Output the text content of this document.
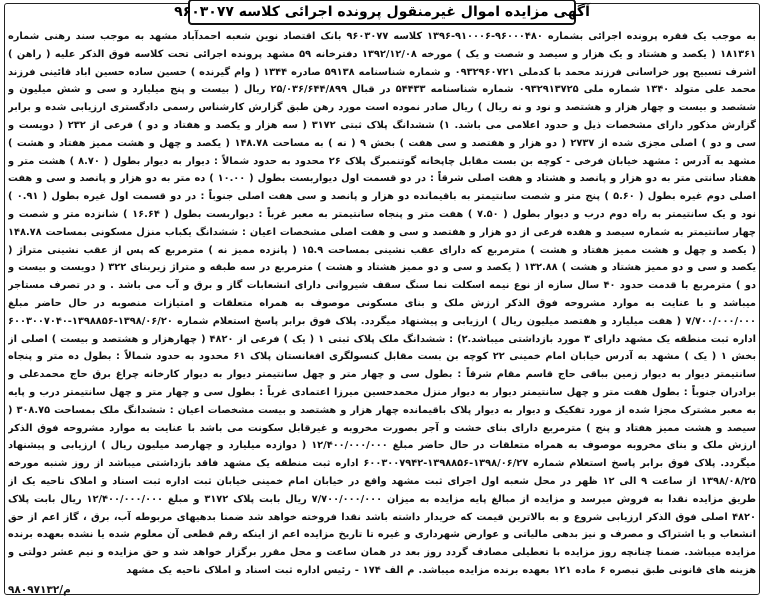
آگهی مزایده اموال غیرمنقول پرونده اجرائی کلاسه ۹۶۰۳۰۷۷
به موجب یک فقره پرونده اجرائی بشماره ۹۶۰۰۰۴۸۰-۹۱۰۰۰۶-۱۳۹۶ کلاسه ۹۶۰۳۰۷۷ بانک اقتصاد نوین شعبه احمدآباد مشهد به موجب سند رهنی شماره ۱۸۱۳۶۱ ( یکصد و هشتاد و یک هزار و سیصد و شصت و یک ) مورخه ۱۳۹۲/۱۲/۰۸ دفترخانه ۵۹ مشهد پرونده اجرائی تحت کلاسه فوق الذکر علیه ( راهن ) اشرف تسبیح پور خراسانی فرزند محمد با کدملی ۰۹۳۲۹۶۰۷۲۱ و شماره شناسنامه ۵۹۱۳۸ صادره ۱۳۴۴ ( وام گیرنده ) حسین ساده حسین اباد قائینی فرزند محمد علی متولد ۱۳۴۰ شماره ملی ۰۹۳۲۹۱۳۷۲۵ شماره شناسنامه ۵۴۴۳۳ در قبال ۲۵/۰۳۶/۶۴۴/۸۹۹ ریال ( بیست و پنج میلیارد و سی و شش میلیون و ششصد و بیست و چهار هزار و هشتصد و نود و نه ریال ) ریال صادر نموده است مورد رهن طبق گزارش کارشناس رسمی دادگستری ارزیابی شده و برابر گزارش مذکور دارای مشخصات ذیل و حدود اعلامی می باشد. ۱) ششدانگ پلاک ثبتی ۳۱۷۲ ( سه هزار و یکصد و هفتاد و دو ) فرعی از ۲۳۲ ( دویست و سی و دو ) اصلی مجزی شده از ۲۷۳۷ ( دو هزار و هفتصد و سی هفت ) بخش ۹ ( نه ) به مساحت ۱۴۸.۷۸ ( یکصد و چهل و هشت ممیز هفتاد و هشت ) مشهد به آدرس : مشهد خیابان فرخی - کوچه بن بست مقابل چاپخانه گوتنمبرگ پلاک ۲۶ محدود به حدود شمالاً : دیوار به دیوار بطول ( ۸.۷۰ ) هشت متر و هفتاد سانتی متر به دو هزار و پانصد و هشتاد و هفت اصلی شرقاً : در دو قسمت اول دیواربست بطول ( ۱۰.۰۰ ) ده متر به دو هزار و پانصد و سی و هفت اصلی دوم غیره بطول ( ۵.۶۰ ) پنج متر و شصت سانتیمتر به باقیمانده دو هزار و پانصد و سی هفت اصلی جنوباً : در دو قسمت اول غیره بطول ( ۰.۹۱ ) نود و یک سانتیمتر به راه دوم درب و دیوار بطول ( ۷.۵۰ ) هفت متر و پنجاه سانتیمتر به معبر غرباً : دیواربست بطول ( ۱۶.۶۴ ) شانزده متر و شصت و چهار سانتیمتر به شماره سیصد و هفده فرعی از دو هزار و هفتصد و سی و هفت اصلی مشخصات اعیان : ششدانگ یکباب منزل مسکونی بمساحت ۱۴۸.۷۸ ( یکصد و چهل و هشت ممیز هفتاد و هشت ) مترمربع که دارای عقب نشینی بمساحت ۱۵.۹ ( پانزده ممیز نه ) مترمربع که پس از عقب نشینی متراژ ( یکصد و سی و دو ممیز هشتاد و هشت ) ۱۳۲.۸۸ ( یکصد و سی و دو ممیز هشتاد و هشت ) مترمربع در سه طبقه و متراژ زیربنای ۳۲۲ ( دویست و بیست و دو ) مترمربع با قدمت حدود ۴۰ سال سازه از نوع نیمه اسکلت نما سنگ سقف شیروانی دارای انشعابات گاز و برق و آب می باشد . و در تصرف مستاجر میباشد و با عنایت به موارد مشروحه فوق الذکر ارزش ملک و بنای مسکونی موصوف به همراه متعلقات و امتیازات منصوبه در حال حاضر مبلغ ۷/۷۰۰/۰۰۰/۰۰۰ ( هفت میلیارد و هفتصد میلیون ریال ) ارزیابی و پیشنهاد میگردد. پلاک فوق برابر پاسخ استعلام شماره ۱۳۹۸/۰۶/۲۰-۱۳۹۸۸۵۶-۶۰۰۳۰۰۷۰۴۰ اداره ثبت منطقه یک مشهد دارای ۳ مورد بازداشتی میباشد.۲) : ششدانگ ملک پلاک ثبتی ۱ ( یک ) فرعی از ۴۸۲۰ ( چهارهزار و هشتصد و بیست ) اصلی از بخش ۱ ( یک ) مشهد به آدرس خیابان امام خمینی ۲۲ کوچه بن بست مقابل کنسولگری افغانستان پلاک ۶۱ محدود به حدود شمالاً : بطول ده متر و پنجاه سانتیمتر دیوار به دیوار زمین بباقی حاج قاسم مقام شرقاً : بطول سی و چهار متر و چهل سانتیمتر دیوار به دیوار کارخانه چراغ برق حاج محمدعلی و برادران جنوباً : بطول هفت متر و چهل سانتیمتر دیوار به دیوار منزل محمدحسین میرزا اعتمادی غرباً : بطول سی و چهار متر و چهل سانتیمتر درب و پایه به معبر مشترک مجزا شده از مورد تفکیک و دیوار به دیوار پلاک باقیمانده چهار هزار و هشتصد و بیست مشخصات اعیان : ششدانگ ملک بمساحت ۳۰۸.۷۵ ( سیصد و هشت ممیز هفتاد و پنج ) مترمربع دارای بنای خشت و آجر بصورت مخروبه و غیرقابل سکونت می باشد با عنایت به موارد مشروحه فوق الذکر ارزش ملک و بنای مخروبه موصوف به همراه متعلقات در حال حاضر مبلغ ۱۲/۴۰۰/۰۰۰/۰۰۰ ( دوازده میلیارد و چهارصد میلیون ریال ) ارزیابی و پیشنهاد میگردد. پلاک فوق برابر پاسخ استعلام شماره ۱۳۹۸/۰۶/۲۷-۱۳۹۸۸۵۶-۶۰۰۳۰۰۷۹۴۲ اداره ثبت منطقه یک مشهد فاقد بازداشتی میباشد از روز شنبه مورخه ۱۳۹۸/۰۸/۲۵ از ساعت ۹ الی ۱۲ ظهر در محل شعبه اول اجرای ثبت مشهد واقع در خیابان امام خمینی خیابان ثبت اداره ثبت اسناد و املاک ناحیه یک از طریق مزایده نقدا به فروش میرسد و مزایده از مبالغ پایه مزایده به میزان ۷/۷۰۰/۰۰۰/۰۰۰ ریال بابت پلاک ۳۱۷۲ و مبلغ ۱۲/۴۰۰/۰۰۰/۰۰۰ ریال بابت پلاک ۴۸۲۰ اصلی فوق الذکر ارزیابی شروع و به بالاترین قیمت که خریدار داشته باشد نقدا فروخته خواهد شد ضمنا بدهیهای مربوطه آب، برق ، گاز اعم از حق انشعاب و یا اشتراک و مصرف و نیز بدهی مالیاتی و عوارض شهرداری و غیره تا تاریخ مزایده اعم از اینکه رقم قطعی آن معلوم شده یا نشده بعهده برنده مزایده میباشد. ضمنا چنانچه روز مزایده با تعطیلی مصادف گردد روز بعد در همان ساعت و محل مقرر برگزار خواهد شد و حق مزایده و نیم عشر دولتی و هزینه های قانونی طبق تبصره ۶ ماده ۱۲۱ بعهده برنده مزایده میباشد. م الف ۱۷۴ - رئیس اداره ثبت اسناد و املاک ناحیه یک مشهد
۹۸۰۹۷۱۳۲/م
